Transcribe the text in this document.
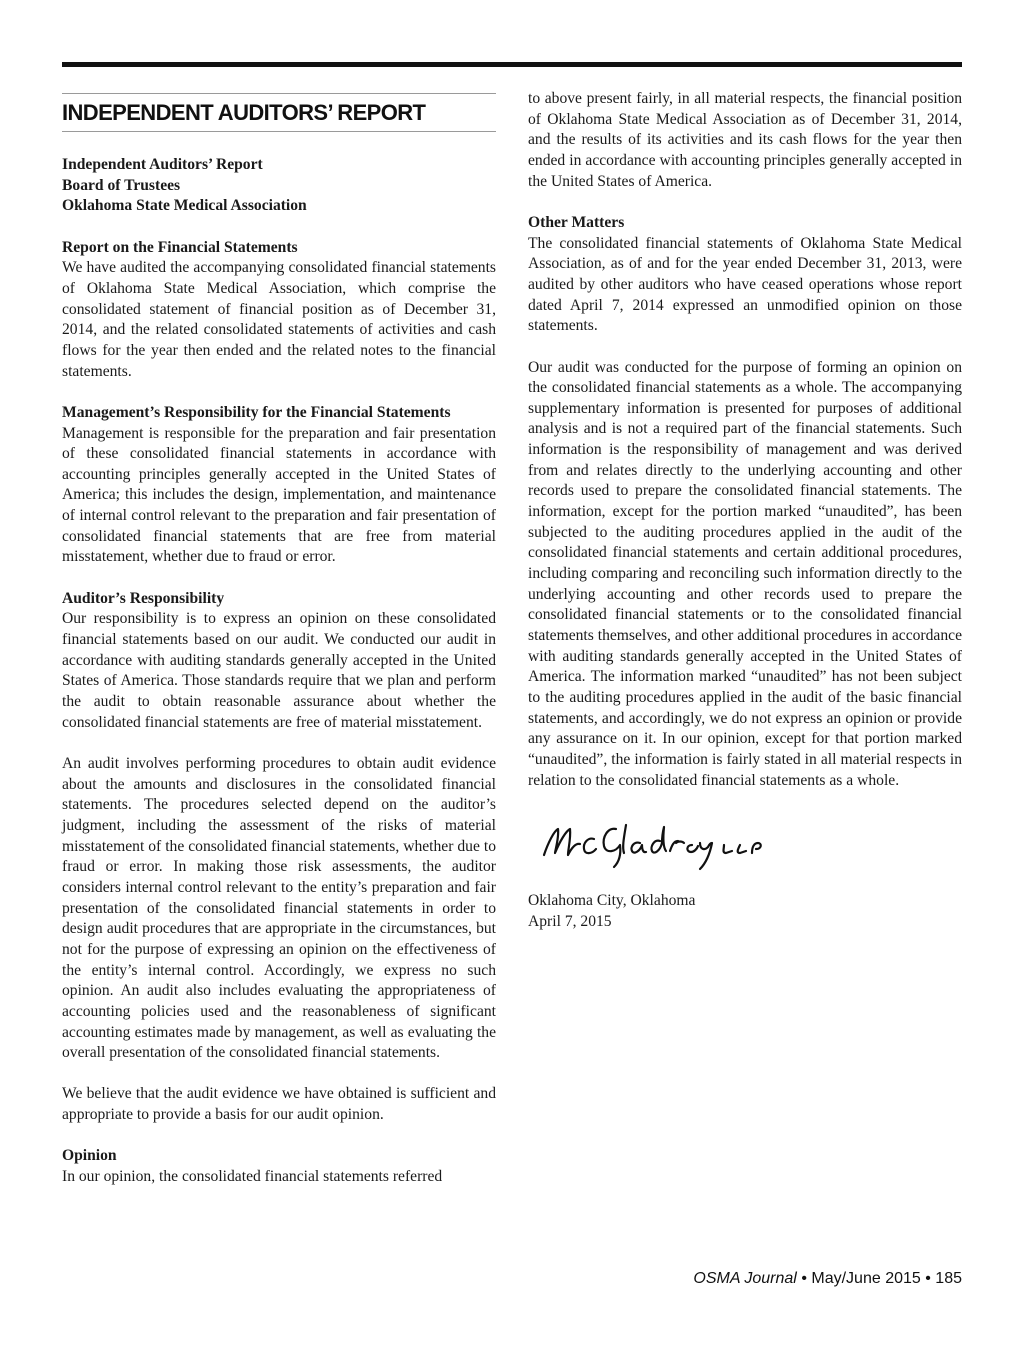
INDEPENDENT AUDITORS’ REPORT
Independent Auditors’ Report
Board of Trustees
Oklahoma State Medical Association
Report on the Financial Statements

We have audited the accompanying consolidated financial statements of Oklahoma State Medical Association, which comprise the consolidated statement of financial position as of December 31, 2014, and the related consolidated statements of activities and cash flows for the year then ended and the related notes to the financial statements.

Management’s Responsibility for the Financial Statements

Management is responsible for the preparation and fair presentation of these consolidated financial statements in accordance with accounting principles generally accepted in the United States of America; this includes the design, implementation, and maintenance of internal control relevant to the preparation and fair presentation of consolidated financial statements that are free from material misstatement, whether due to fraud or error.

Auditor’s Responsibility

Our responsibility is to express an opinion on these consolidated financial statements based on our audit. We conducted our audit in accordance with auditing standards generally accepted in the United States of America. Those standards require that we plan and perform the audit to obtain reasonable assurance about whether the consolidated financial statements are free of material misstatement.

An audit involves performing procedures to obtain audit evidence about the amounts and disclosures in the consolidated financial statements. The procedures selected depend on the auditor’s judgment, including the assessment of the risks of material misstatement of the consolidated financial statements, whether due to fraud or error. In making those risk assessments, the auditor considers internal control relevant to the entity’s preparation and fair presentation of the consolidated financial statements in order to design audit procedures that are appropriate in the circumstances, but not for the purpose of expressing an opinion on the effectiveness of the entity’s internal control. Accordingly, we express no such opinion. An audit also includes evaluating the appropriateness of accounting policies used and the reasonableness of significant accounting estimates made by management, as well as evaluating the overall presentation of the consolidated financial statements.

We believe that the audit evidence we have obtained is sufficient and appropriate to provide a basis for our audit opinion.

Opinion

In our opinion, the consolidated financial statements referred

to above present fairly, in all material respects, the financial position of Oklahoma State Medical Association as of December 31, 2014, and the results of its activities and its cash flows for the year then ended in accordance with accounting principles generally accepted in the United States of America.

Other Matters

The consolidated financial statements of Oklahoma State Medical Association, as of and for the year ended December 31, 2013, were audited by other auditors who have ceased operations whose report dated April 7, 2014 expressed an unmodified opinion on those statements.

Our audit was conducted for the purpose of forming an opinion on the consolidated financial statements as a whole. The accompanying supplementary information is presented for purposes of additional analysis and is not a required part of the financial statements. Such information is the responsibility of management and was derived from and relates directly to the underlying accounting and other records used to prepare the consolidated financial statements. The information, except for the portion marked “unaudited”, has been subjected to the auditing procedures applied in the audit of the consolidated financial statements and certain additional procedures, including comparing and reconciling such information directly to the underlying accounting and other records used to prepare the consolidated financial statements or to the consolidated financial statements themselves, and other additional procedures in accordance with auditing standards generally accepted in the United States of America. The information marked “unaudited” has not been subject to the auditing procedures applied in the audit of the basic financial statements, and accordingly, we do not express an opinion or provide any assurance on it. In our opinion, except for that portion marked “unaudited”, the information is fairly stated in all material respects in relation to the consolidated financial statements as a whole.

Oklahoma City, Oklahoma
April 7, 2015
OSMA Journal • May/June 2015 • 185
